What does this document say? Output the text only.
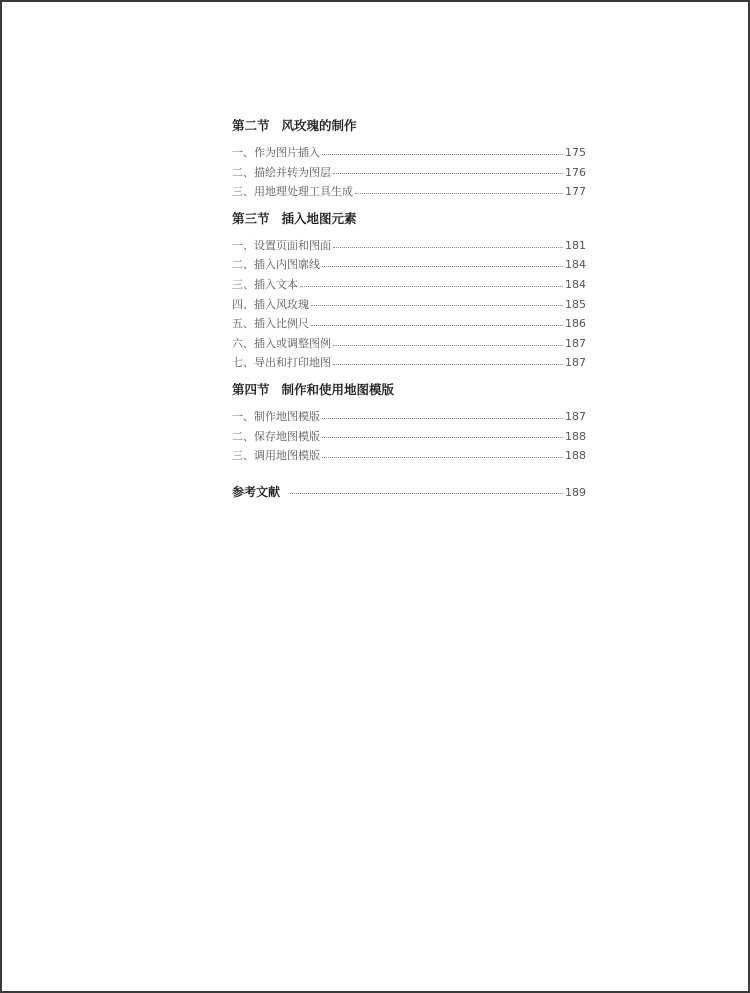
第二节 风玫瑰的制作
一、作为图片插入	175
二、描绘并转为图层	176
三、用地理处理工具生成	177
第三节 插入地图元素
一、设置页面和图面	181
二、插入内图廓线	184
三、插入文本	184
四、插入风玫瑰	185
五、插入比例尺	186
六、插入或调整图例	187
七、导出和打印地图	187
第四节 制作和使用地图模版
一、制作地图模版	187
二、保存地图模版	188
三、调用地图模版	188
参考文献	189
